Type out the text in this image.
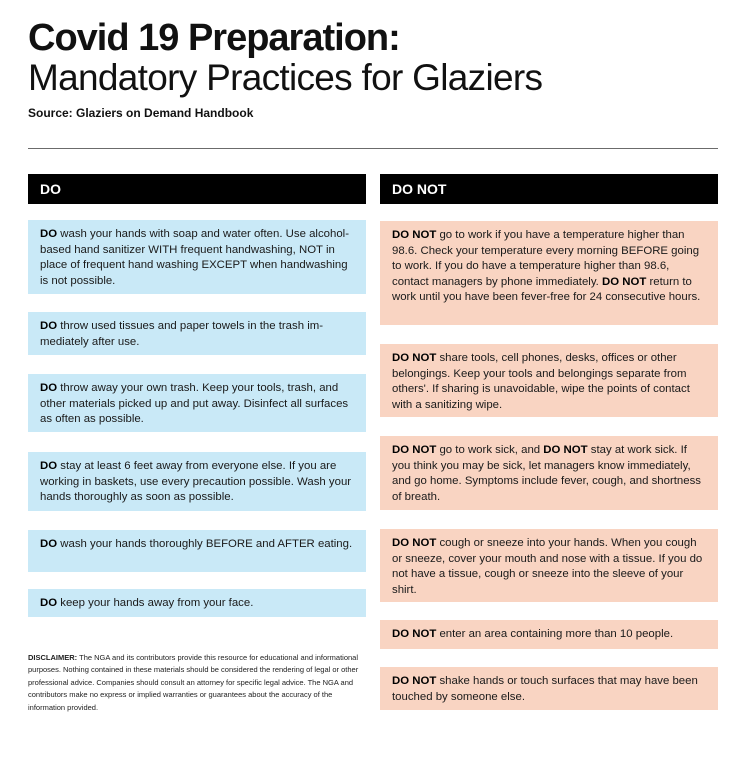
Covid 19 Preparation:
Mandatory Practices for Glaziers
Source: Glaziers on Demand Handbook
DO	DO NOT
DO wash your hands with soap and water often. Use alcohol-based hand sanitizer WITH frequent handwashing, NOT in place of frequent hand washing EXCEPT when handwashing is not possible.
DO throw used tissues and paper towels in the trash immediately after use.
DO throw away your own trash. Keep your tools, trash, and other materials picked up and put away. Disinfect all surfaces as often as possible.
DO stay at least 6 feet away from everyone else. If you are working in baskets, use every precaution possible. Wash your hands thoroughly as soon as possible.
DO wash your hands thoroughly BEFORE and AFTER eating.
DO keep your hands away from your face.
DO NOT go to work if you have a temperature higher than 98.6. Check your temperature every morning BEFORE going to work. If you do have a temperature higher than 98.6, contact managers by phone immediately. DO NOT return to work until you have been fever-free for 24 consecutive hours.
DO NOT share tools, cell phones, desks, offices or other belongings. Keep your tools and belongings separate from others'. If sharing is unavoidable, wipe the points of contact with a sanitizing wipe.
DO NOT go to work sick, and DO NOT stay at work sick. If you think you may be sick, let managers know immediately, and go home. Symptoms include fever, cough, and shortness of breath.
DO NOT cough or sneeze into your hands. When you cough or sneeze, cover your mouth and nose with a tissue. If you do not have a tissue, cough or sneeze into the sleeve of your shirt.
DO NOT enter an area containing more than 10 people.
DO NOT shake hands or touch surfaces that may have been touched by someone else.
DISCLAIMER: The NGA and its contributors provide this resource for educational and informational purposes. Nothing contained in these materials should be considered the rendering of legal or other professional advice. Companies should consult an attorney for specific legal advice. The NGA and contributors make no express or implied warranties or guarantees about the accuracy of the information provided.
